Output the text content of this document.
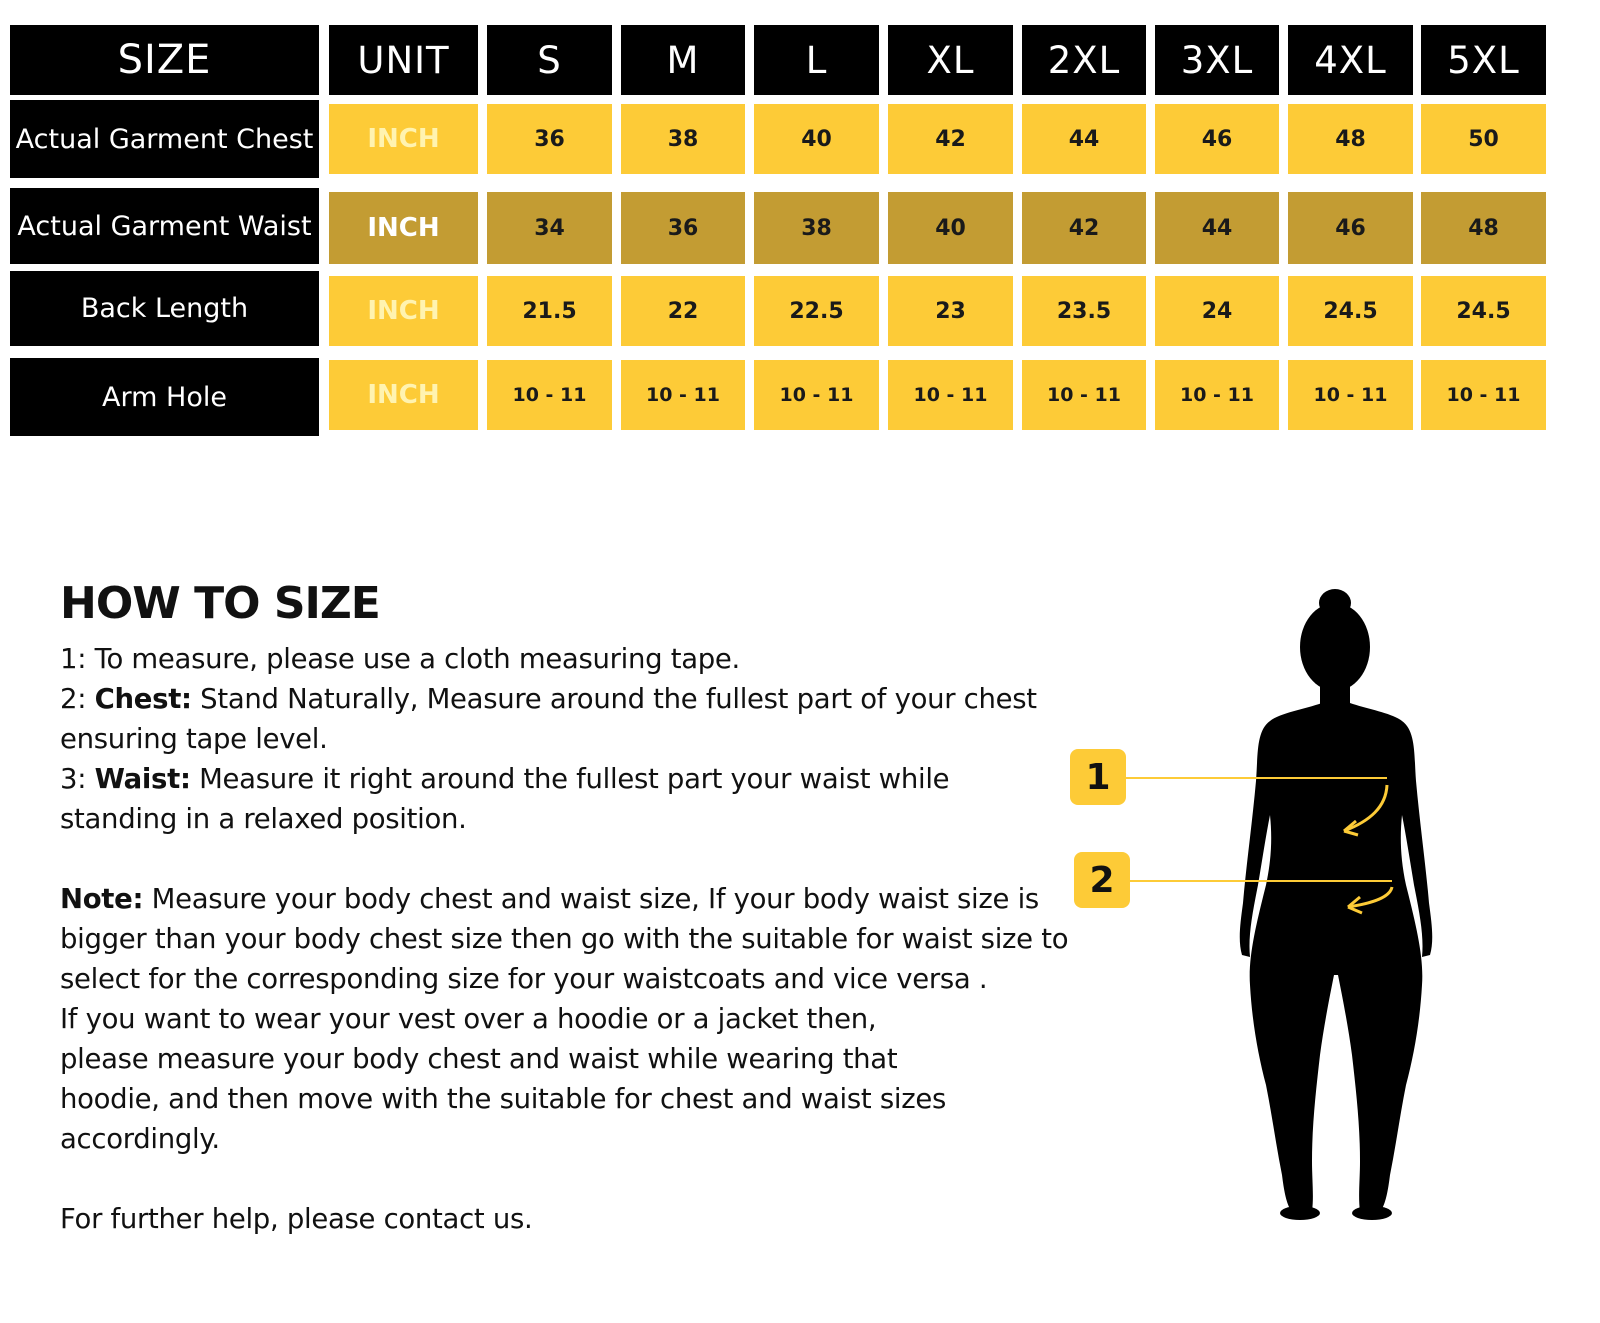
SIZE	UNIT	S	M	L	XL	2XL	3XL	4XL	5XL
Actual Garment Chest	INCH	36	38	40	42	44	46	48	50
Actual Garment Waist	INCH	34	36	38	40	42	44	46	48
Back Length	INCH	21.5	22	22.5	23	23.5	24	24.5	24.5
Arm Hole	INCH	10 - 11	10 - 11	10 - 11	10 - 11	10 - 11	10 - 11	10 - 11	10 - 11
HOW TO SIZE

1: To measure, please use a cloth measuring tape.

2: Chest: Stand Naturally, Measure around the fullest part of your chest ensuring tape level.

3: Waist: Measure it right around the fullest part your waist while standing in a relaxed position.

Note: Measure your body chest and waist size, If your body waist size is bigger than your body chest size then go with the suitable for waist size to select for the corresponding size for your waistcoats and vice versa .

If you want to wear your vest over a hoodie or a jacket then, please measure your body chest and waist while wearing that hoodie, and then move with the suitable for chest and waist sizes accordingly.

For further help, please contact us.

1
2
